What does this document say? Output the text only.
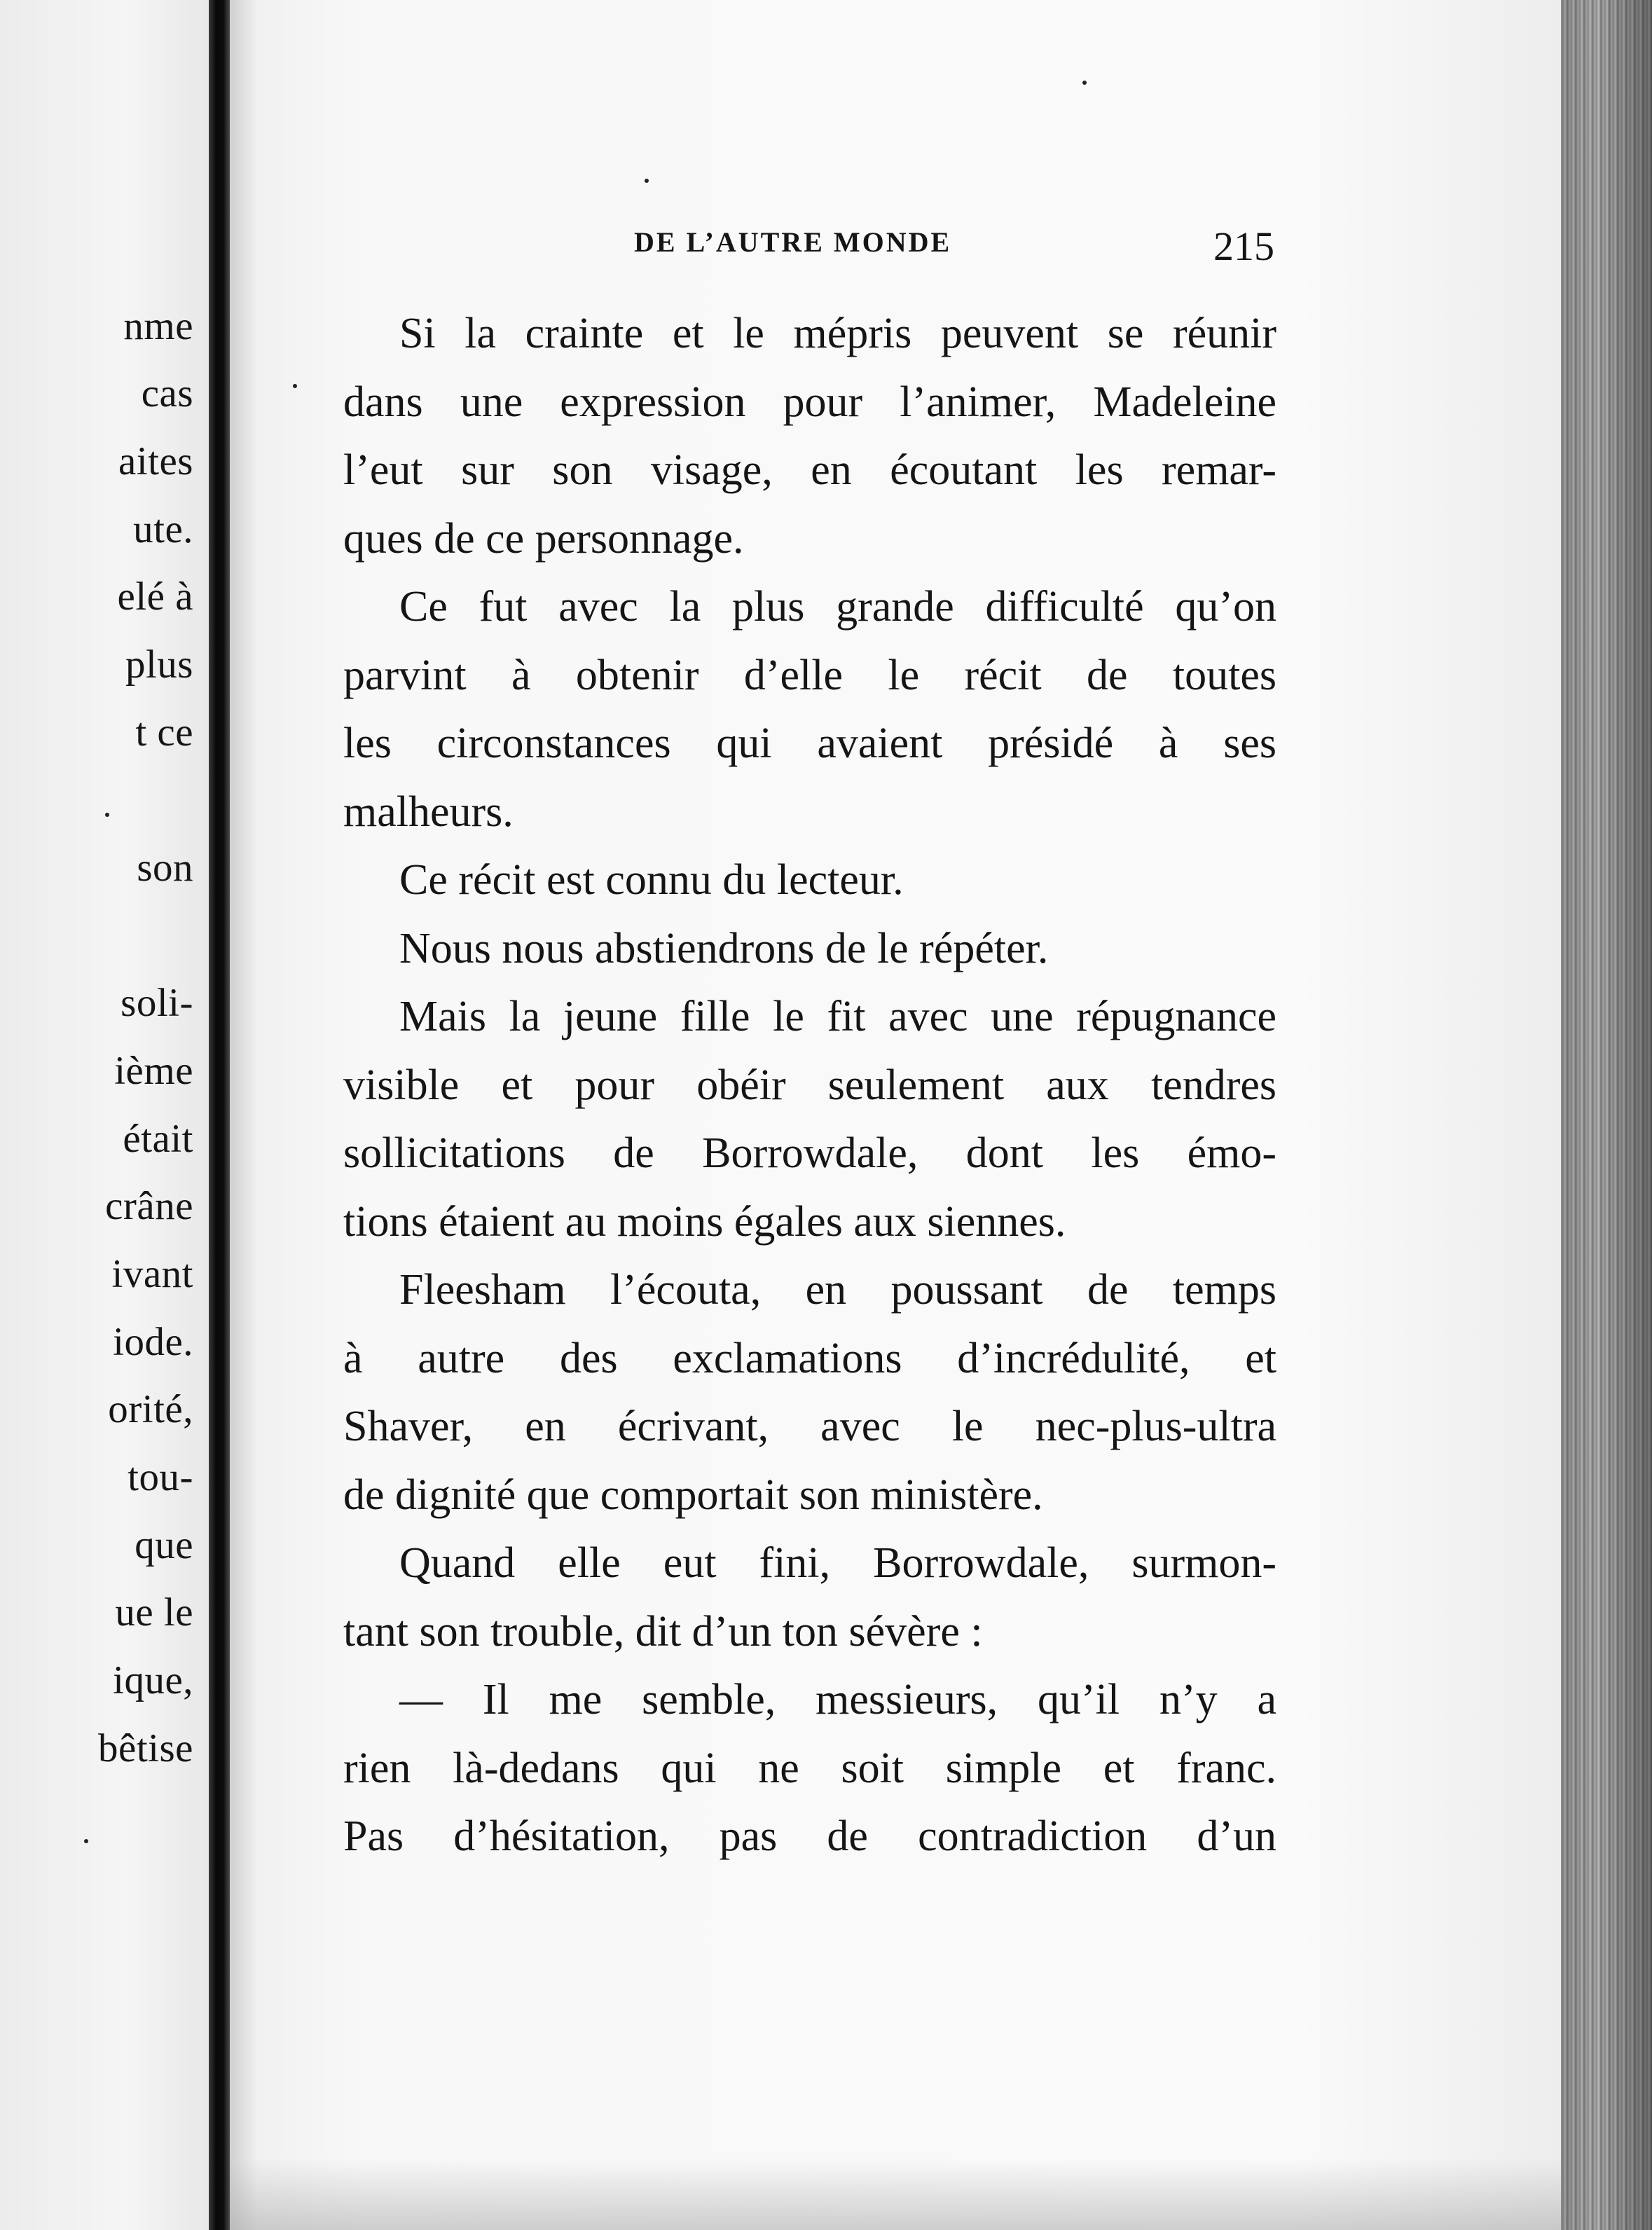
nme
cas
aites
ute.
elé à
plus
t ce
son
soli-
ième
était
crâne
ivant
iode.
orité,
tou-
que
ue le
ique,
bêtise
DE L’AUTRE MONDE	215
Si la crainte et le mépris peuvent se réunir
dans une expression pour l’animer, Madeleine
l’eut sur son visage, en écoutant les remar-
ques de ce personnage.
Ce fut avec la plus grande difficulté qu’on
parvint à obtenir d’elle le récit de toutes
les circonstances qui avaient présidé à ses
malheurs.
Ce récit est connu du lecteur.
Nous nous abstiendrons de le répéter.
Mais la jeune fille le fit avec une répugnance
visible et pour obéir seulement aux tendres
sollicitations de Borrowdale, dont les émo-
tions étaient au moins égales aux siennes.
Fleesham l’écouta, en poussant de temps
à autre des exclamations d’incrédulité, et
Shaver, en écrivant, avec le nec-plus-ultra
de dignité que comportait son ministère.
Quand elle eut fini, Borrowdale, surmon-
tant son trouble, dit d’un ton sévère :
— Il me semble, messieurs, qu’il n’y a
rien là-dedans qui ne soit simple et franc.
Pas d’hésitation, pas de contradiction d’un
